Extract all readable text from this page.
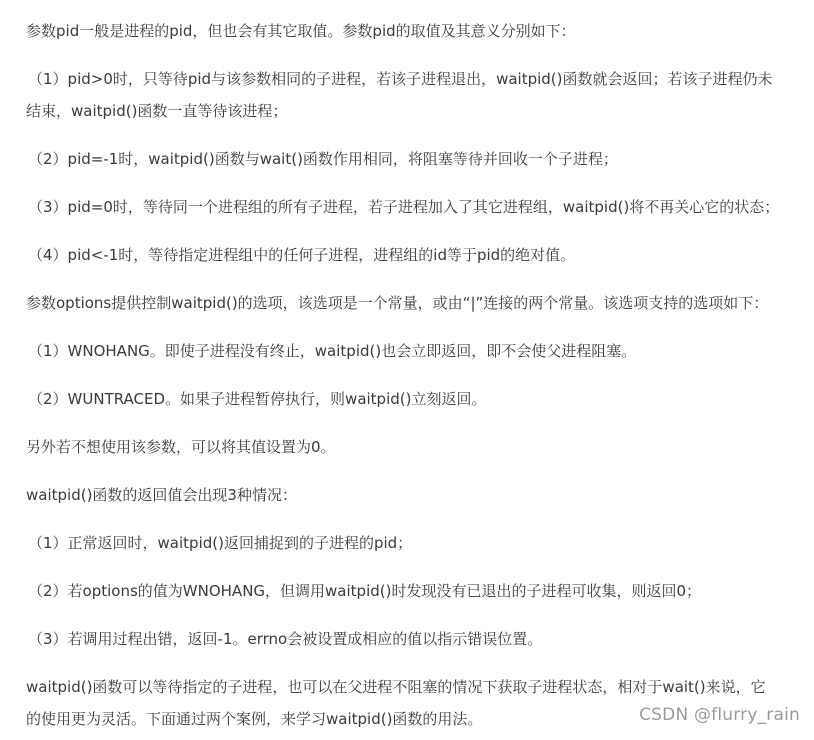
参数pid一般是进程的pid，但也会有其它取值。参数pid的取值及其意义分别如下：
（1）pid>0时，只等待pid与该参数相同的子进程，若该子进程退出，waitpid()函数就会返回；若该子进程仍未
结束，waitpid()函数一直等待该进程；
（2）pid=-1时，waitpid()函数与wait()函数作用相同，将阻塞等待并回收一个子进程；
（3）pid=0时，等待同一个进程组的所有子进程，若子进程加入了其它进程组，waitpid()将不再关心它的状态；
（4）pid<-1时，等待指定进程组中的任何子进程，进程组的id等于pid的绝对值。
参数options提供控制waitpid()的选项，该选项是一个常量，或由“|”连接的两个常量。该选项支持的选项如下：
（1）WNOHANG。即使子进程没有终止，waitpid()也会立即返回，即不会使父进程阻塞。
（2）WUNTRACED。如果子进程暂停执行，则waitpid()立刻返回。
另外若不想使用该参数，可以将其值设置为0。
waitpid()函数的返回值会出现3种情况：
（1）正常返回时，waitpid()返回捕捉到的子进程的pid；
（2）若options的值为WNOHANG，但调用waitpid()时发现没有已退出的子进程可收集，则返回0；
（3）若调用过程出错，返回-1。errno会被设置成相应的值以指示错误位置。
waitpid()函数可以等待指定的子进程，也可以在父进程不阻塞的情况下获取子进程状态，相对于wait()来说，它
的使用更为灵活。下面通过两个案例，来学习waitpid()函数的用法。	CSDN @flurry_rain
